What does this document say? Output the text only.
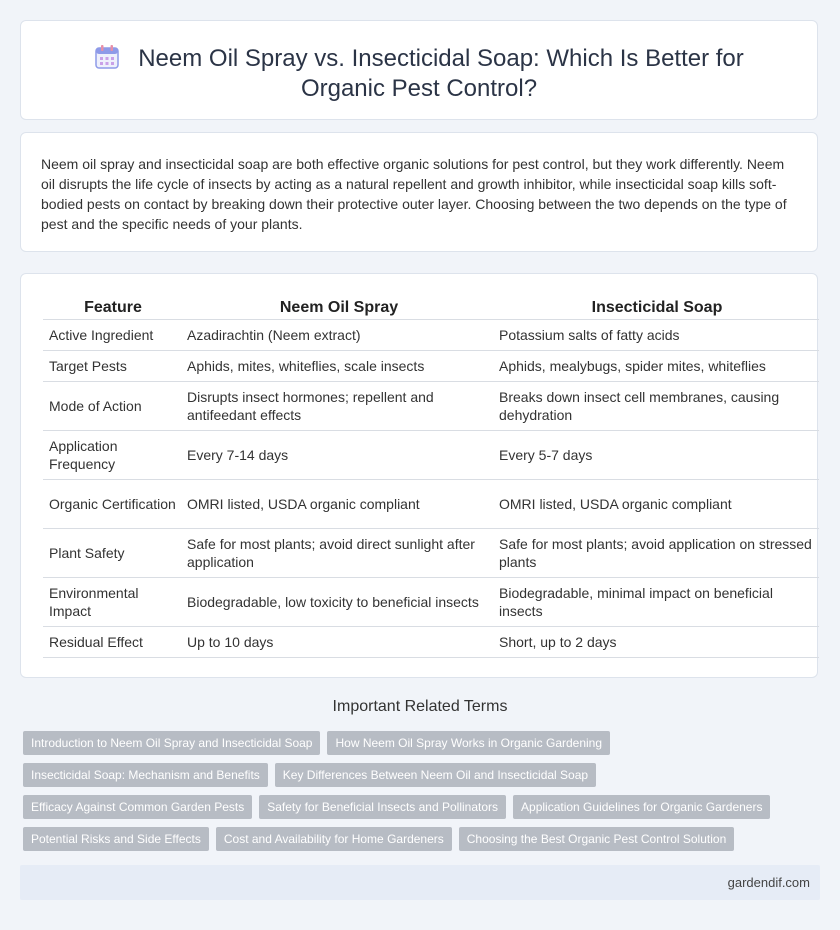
Neem Oil Spray vs. Insecticidal Soap: Which Is Better for Organic Pest Control?
Neem oil spray and insecticidal soap are both effective organic solutions for pest control, but they work differently. Neem oil disrupts the life cycle of insects by acting as a natural repellent and growth inhibitor, while insecticidal soap kills soft-bodied pests on contact by breaking down their protective outer layer. Choosing between the two depends on the type of pest and the specific needs of your plants.
Feature	Neem Oil Spray	Insecticidal Soap
Active Ingredient	Azadirachtin (Neem extract)	Potassium salts of fatty acids
Target Pests	Aphids, mites, whiteflies, scale insects	Aphids, mealybugs, spider mites, whiteflies
Mode of Action	Disrupts insect hormones; repellent and antifeedant effects	Breaks down insect cell membranes, causing dehydration
Application Frequency	Every 7-14 days	Every 5-7 days
Organic Certification	OMRI listed, USDA organic compliant	OMRI listed, USDA organic compliant
Plant Safety	Safe for most plants; avoid direct sunlight after application	Safe for most plants; avoid application on stressed plants
Environmental Impact	Biodegradable, low toxicity to beneficial insects	Biodegradable, minimal impact on beneficial insects
Residual Effect	Up to 10 days	Short, up to 2 days
Important Related Terms
Introduction to Neem Oil Spray and Insecticidal Soap	How Neem Oil Spray Works in Organic Gardening
Insecticidal Soap: Mechanism and Benefits	Key Differences Between Neem Oil and Insecticidal Soap
Efficacy Against Common Garden Pests	Safety for Beneficial Insects and Pollinators	Application Guidelines for Organic Gardeners
Potential Risks and Side Effects	Cost and Availability for Home Gardeners	Choosing the Best Organic Pest Control Solution
gardendif.com
